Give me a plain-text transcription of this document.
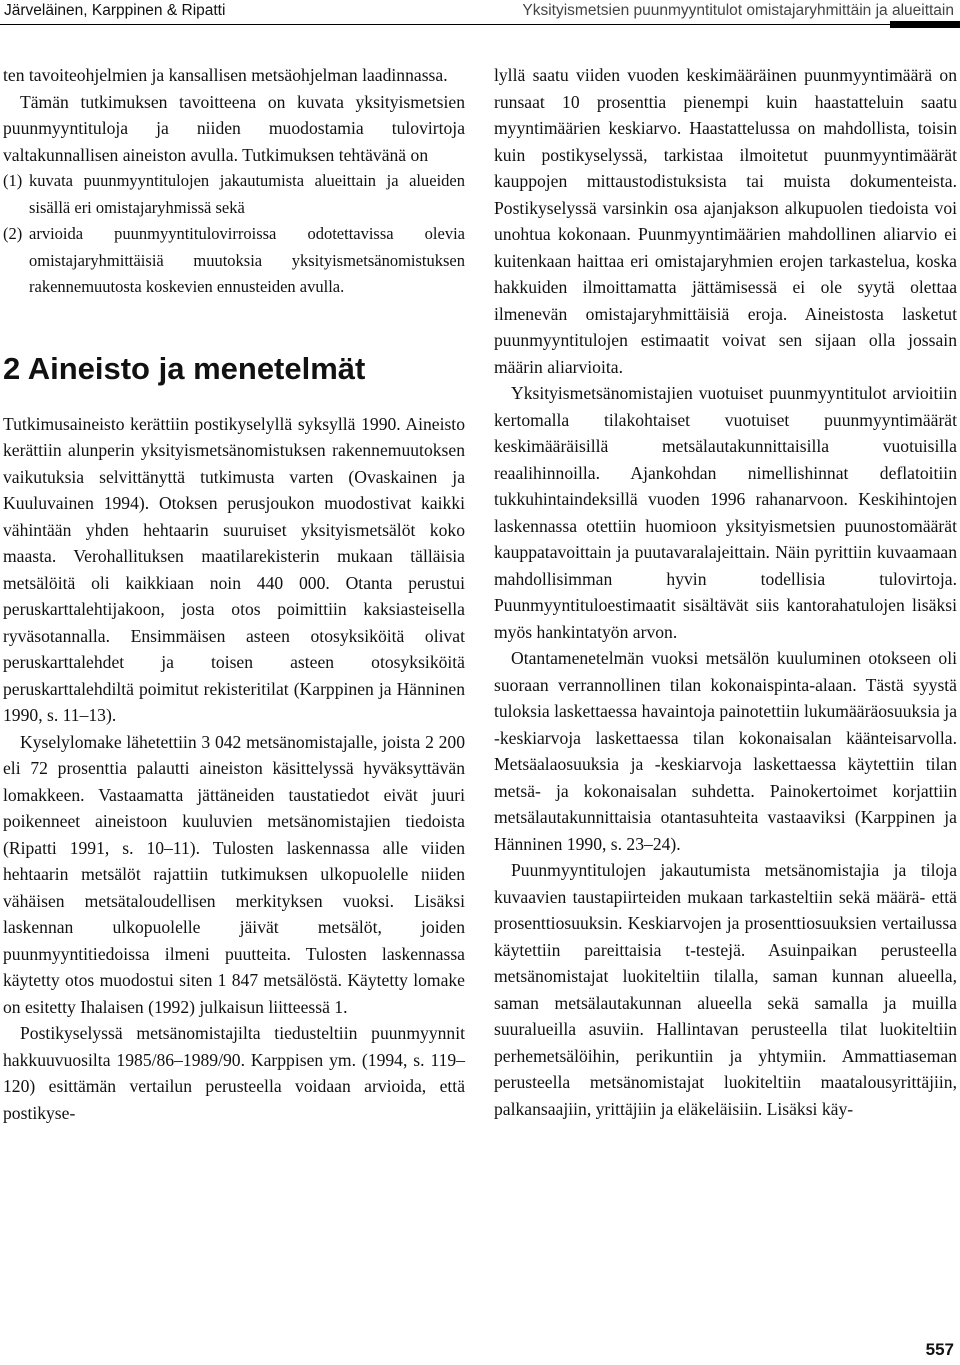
Järveläinen, Karppinen & Ripatti	Yksityismetsien puunmyyntitulot omistajaryhmittäin ja alueittain

ten tavoiteohjelmien ja kansallisen metsäohjelman laadinnassa.

Tämän tutkimuksen tavoitteena on kuvata yksityismetsien puunmyyntituloja ja niiden muodostamia tulovirtoja valtakunnallisen aineiston avulla. Tutkimuksen tehtävänä on

(1) kuvata puunmyyntitulojen jakautumista alueittain ja alueiden sisällä eri omistajaryhmissä sekä
(2) arvioida puunmyyntitulovirroissa odotettavissa olevia omistajaryhmittäisiä muutoksia yksityismetsänomistuksen rakennemuutosta koskevien ennusteiden avulla.
2 Aineisto ja menetelmät

Tutkimusaineisto kerättiin postikyselyllä syksyllä 1990. Aineisto kerättiin alunperin yksityismetsänomistuksen rakennemuutoksen vaikutuksia selvittänyttä tutkimusta varten (Ovaskainen ja Kuuluvainen 1994). Otoksen perusjoukon muodostivat kaikki vähintään yhden hehtaarin suuruiset yksityismetsälöt koko maasta. Verohallituksen maatilarekisterin mukaan tälläisia metsälöitä oli kaikkiaan noin 440 000. Otanta perustui peruskarttalehtijakoon, josta otos poimittiin kaksiasteisella ryväsotannalla. Ensimmäisen asteen otosyksiköitä olivat peruskarttalehdet ja toisen asteen otosyksiköitä peruskarttalehdiltä poimitut rekisteritilat (Karppinen ja Hänninen 1990, s. 11–13).

Kyselylomake lähetettiin 3 042 metsänomistajalle, joista 2 200 eli 72 prosenttia palautti aineiston käsittelyssä hyväksyttävän lomakkeen. Vastaamatta jättäneiden taustatiedot eivät juuri poikenneet aineistoon kuuluvien metsänomistajien tiedoista (Ripatti 1991, s. 10–11). Tulosten laskennassa alle viiden hehtaarin metsälöt rajattiin tutkimuksen ulkopuolelle niiden vähäisen metsätaloudellisen merkityksen vuoksi. Lisäksi laskennan ulkopuolelle jäivät metsälöt, joiden puunmyyntitiedoissa ilmeni puutteita. Tulosten laskennassa käytetty otos muodostui siten 1 847 metsälöstä. Käytetty lomake on esitetty Ihalaisen (1992) julkaisun liitteessä 1.

Postikyselyssä metsänomistajilta tiedusteltiin puunmyynnit hakkuuvuosilta 1985/86–1989/90. Karppisen ym. (1994, s. 119–120) esittämän vertailun perusteella voidaan arvioida, että postikyse-

lyllä saatu viiden vuoden keskimääräinen puunmyyntimäärä on runsaat 10 prosenttia pienempi kuin haastatteluin saatu myyntimäärien keskiarvo. Haastattelussa on mahdollista, toisin kuin postikyselyssä, tarkistaa ilmoitetut puunmyyntimäärät kauppojen mittaustodistuksista tai muista dokumenteista. Postikyselyssä varsinkin osa ajanjakson alkupuolen tiedoista voi unohtua kokonaan. Puunmyyntimäärien mahdollinen aliarvio ei kuitenkaan haittaa eri omistajaryhmien erojen tarkastelua, koska hakkuiden ilmoittamatta jättämisessä ei ole syytä olettaa ilmenevän omistajaryhmittäisiä eroja. Aineistosta lasketut puunmyyntitulojen estimaatit voivat sen sijaan olla jossain määrin aliarvioita.

Yksityismetsänomistajien vuotuiset puunmyyntitulot arvioitiin kertomalla tilakohtaiset vuotuiset puunmyyntimäärät keskimääräisillä metsälautakunnittaisilla vuotuisilla reaalihinnoilla. Ajankohdan nimellishinnat deflatoitiin tukkuhintaindeksillä vuoden 1996 rahanarvoon. Keskihintojen laskennassa otettiin huomioon yksityismetsien puunostomäärät kauppatavoittain ja puutavaralajeittain. Näin pyrittiin kuvaamaan mahdollisimman hyvin todellisia tulovirtoja. Puunmyyntituloestimaatit sisältävät siis kantorahatulojen lisäksi myös hankintatyön arvon.

Otantamenetelmän vuoksi metsälön kuuluminen otokseen oli suoraan verrannollinen tilan kokonaispinta-alaan. Tästä syystä tuloksia laskettaessa havaintoja painotettiin lukumääräosuuksia ja -keskiarvoja laskettaessa tilan kokonaisalan käänteisarvolla. Metsäalaosuuksia ja -keskiarvoja laskettaessa käytettiin tilan metsä- ja kokonaisalan suhdetta. Painokertoimet korjattiin metsälautakunnittaisia otantasuhteita vastaaviksi (Karppinen ja Hänninen 1990, s. 23–24).

Puunmyyntitulojen jakautumista metsänomistajia ja tiloja kuvaavien taustapiirteiden mukaan tarkasteltiin sekä määrä- että prosenttiosuuksin. Keskiarvojen ja prosenttiosuuksien vertailussa käytettiin pareittaisia t-testejä. Asuinpaikan perusteella metsänomistajat luokiteltiin tilalla, saman kunnan alueella, saman metsälautakunnan alueella sekä samalla ja muilla suuralueilla asuviin. Hallintavan perusteella tilat luokiteltiin perhemetsälöihin, perikuntiin ja yhtymiin. Ammattiaseman perusteella metsänomistajat luokiteltiin maatalousyrittäjiin, palkansaajiin, yrittäjiin ja eläkeläisiin. Lisäksi käy-

557
